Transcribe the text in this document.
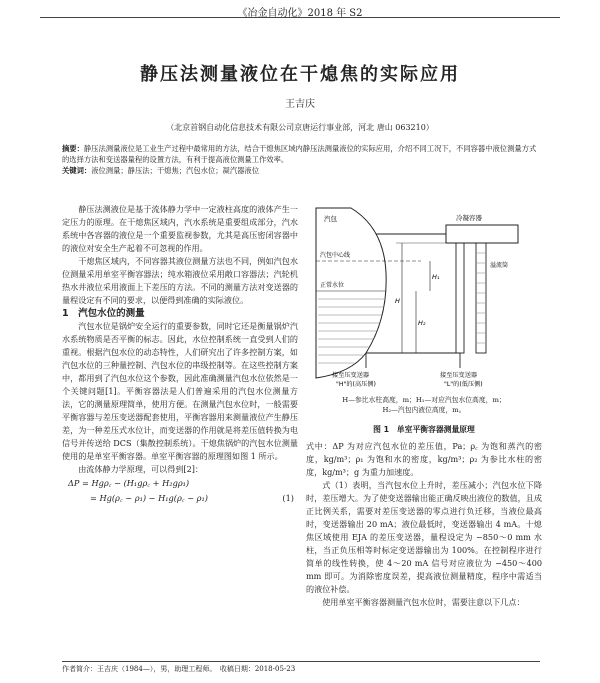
《冶金自动化》2018 年 S2
静压法测量液位在干熄焦的实际应用
王吉庆
（北京首钢自动化信息技术有限公司京唐运行事业部，河北 唐山 063210）
摘要：静压法测量液位是工业生产过程中最常用的方法，结合干熄焦区域内静压法测量液位的实际应用，介绍不同工况下，不同容器中液位测量方式的选择方法和变送器量程的设置方法，有利于提高液位测量工作效率。
关键词：液位测量；静压法；干熄焦；汽包水位；凝汽器液位

静压法测液位是基于流体静力学中一定液柱高度的液体产生一定压力的原理。在干熄焦区域内，汽水系统是重要组成部分，汽水系统中各容器的液位是一个重要监视参数，尤其是高压密闭容器中的液位对安全生产起着不可忽视的作用。

干熄焦区域内，不同容器其液位测量方法也不同，例如汽包水位测量采用单室平衡容器法；纯水箱液位采用敞口容器法；汽轮机热水井液位采用液面上下差压的方法。不同的测量方法对变送器的量程设定有不同的要求，以便得到准确的实际液位。

1　汽包水位的测量

汽包水位是锅炉安全运行的重要参数，同时它还是衡量锅炉汽水系统物质是否平衡的标志。因此，水位控制系统一直受到人们的重视。根据汽包水位的动态特性，人们研究出了许多控制方案，如汽包水位的三种量控制、汽包水位的串级控制等。在这些控制方案中，都用到了汽包水位这个参数，因此准确测量汽包水位依然是一个关键问题[1]。平衡容器法是人们普遍采用的汽包水位测量方法，它的测量原理简单，使用方便。在测量汽包水位时，一般需要平衡容器与差压变送器配套使用，平衡容器用来测量液位产生静压差，为一种差压式水位计，而变送器的作用就是将差压值转换为电信号并传送给 DCS（集散控制系统）。干熄焦锅炉的汽包水位测量使用的是单室平衡容器。单室平衡容器的原理图如图 1 所示。

由流体静力学原理，可以得到[2]：

ΔP = Hgρ꜀ − (H₁gρ꜀ + H₂gρ₁)
= Hg(ρ꜀ − ρ₁) − H₁g(ρ꜀ − ρ₁)	(1)
汽包
汽包中心线
正常水位
冷凝容器
溢流筒
H
H₂
H₁
接至压变送器
"H"的(高压侧)
接至压变送器
"L"的(低压侧)
H—参比水柱高度，m；H₁—对应汽包水位高度，m；
H₂—汽包内液位高度，m。
图 1　单室平衡容器测量原理

式中：ΔP 为对应汽包水位的差压值，Pa；ρ꜀ 为饱和蒸汽的密度，kg/m³；ρ₁ 为饱和水的密度，kg/m³；ρ₂ 为参比水柱的密度，kg/m³；g 为重力加速度。

式（1）表明，当汽包水位上升时，差压减小；汽包水位下降时，差压增大。为了使变送器输出能正确反映出液位的数值，且成正比例关系，需要对差压变送器的零点进行负迁移，当液位最高时，变送器输出 20 mA；液位最低时，变送器输出 4 mA。十熄焦区域使用 EJA 的差压变送器，量程设定为 −850～0 mm 水柱，当正负压相等时标定变送器输出为 100%。在控制程序进行简单的线性转换，使 4～20 mA 信号对应液位为 −450～400 mm 即可。为消除密度误差，提高液位测量精度，程序中需适当的液位补偿。

使用单室平衡容器测量汽包水位时，需要注意以下几点：

作者简介：王吉庆（1984—），男，助理工程师。　收稿日期：2018-05-23
